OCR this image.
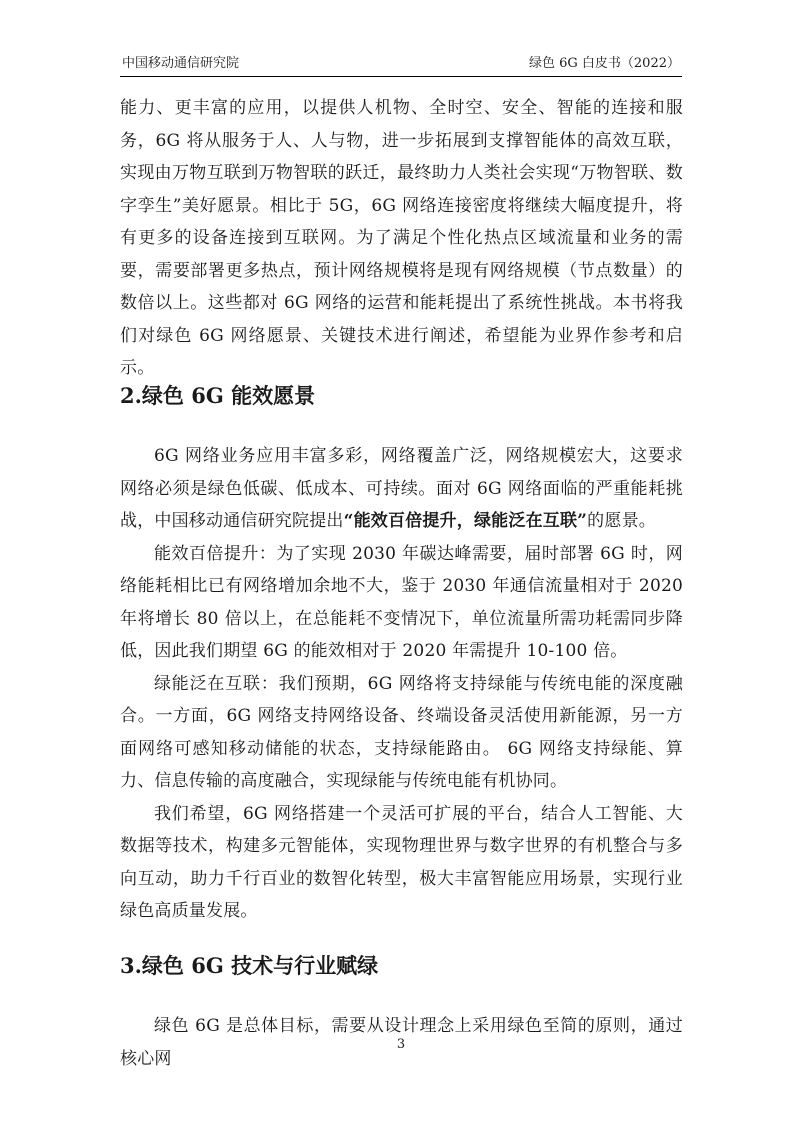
中国移动通信研究院	绿色 6G 白皮书（2022）

能力、更丰富的应用，以提供人机物、全时空、安全、智能的连接和服务，6G 将从服务于人、人与物，进一步拓展到支撑智能体的高效互联，实现由万物互联到万物智联的跃迁，最终助力人类社会实现“万物智联、数字孪生”美好愿景。相比于 5G，6G 网络连接密度将继续大幅度提升，将有更多的设备连接到互联网。为了满足个性化热点区域流量和业务的需要，需要部署更多热点，预计网络规模将是现有网络规模（节点数量）的数倍以上。这些都对 6G 网络的运营和能耗提出了系统性挑战。本书将我们对绿色 6G 网络愿景、关键技术进行阐述，希望能为业界作参考和启示。

2.绿色 6G 能效愿景

6G 网络业务应用丰富多彩，网络覆盖广泛，网络规模宏大，这要求网络必须是绿色低碳、低成本、可持续。面对 6G 网络面临的严重能耗挑战，中国移动通信研究院提出“能效百倍提升，绿能泛在互联”的愿景。

能效百倍提升：为了实现 2030 年碳达峰需要，届时部署 6G 时，网络能耗相比已有网络增加余地不大，鉴于 2030 年通信流量相对于 2020 年将增长 80 倍以上，在总能耗不变情况下，单位流量所需功耗需同步降低，因此我们期望 6G 的能效相对于 2020 年需提升 10-100 倍。

绿能泛在互联：我们预期，6G 网络将支持绿能与传统电能的深度融合。一方面，6G 网络支持网络设备、终端设备灵活使用新能源，另一方面网络可感知移动储能的状态，支持绿能路由。 6G 网络支持绿能、算力、信息传输的高度融合，实现绿能与传统电能有机协同。

我们希望，6G 网络搭建一个灵活可扩展的平台，结合人工智能、大数据等技术，构建多元智能体，实现物理世界与数字世界的有机整合与多向互动，助力千行百业的数智化转型，极大丰富智能应用场景，实现行业绿色高质量发展。

3.绿色 6G 技术与行业赋绿

绿色 6G 是总体目标，需要从设计理念上采用绿色至简的原则，通过核心网

3
